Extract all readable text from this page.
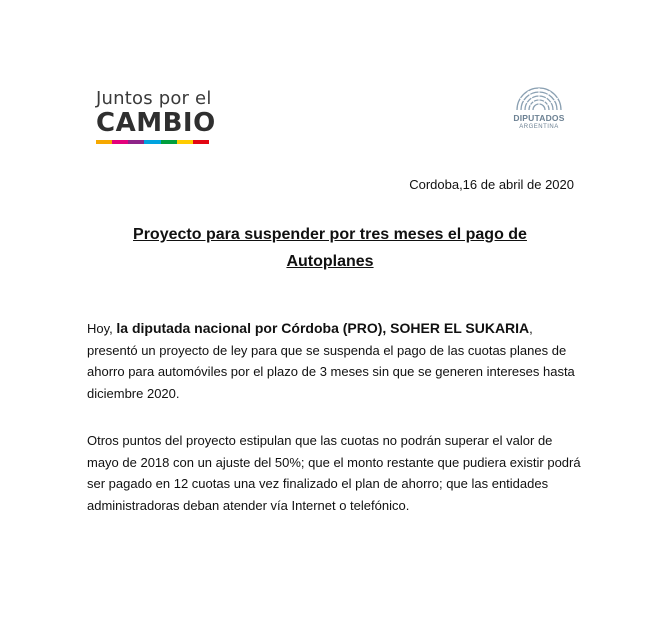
Juntos por el
CAMBIO	DIPUTADOS
ARGENTINA
Cordoba,16 de abril de 2020
Proyecto para suspender por tres meses el pago de
Autoplanes
Hoy, la diputada nacional por Córdoba (PRO), SOHER EL SUKARIA,
presentó un proyecto de ley para que se suspenda el pago de las cuotas planes de ahorro para automóviles por el plazo de 3 meses sin que se generen intereses hasta diciembre 2020.
Otros puntos del proyecto estipulan que las cuotas no podrán superar el valor de mayo de 2018 con un ajuste del 50%; que el monto restante que pudiera existir podrá ser pagado en 12 cuotas una vez finalizado el plan de ahorro; que las entidades administradoras deban atender vía Internet o telefónico.
